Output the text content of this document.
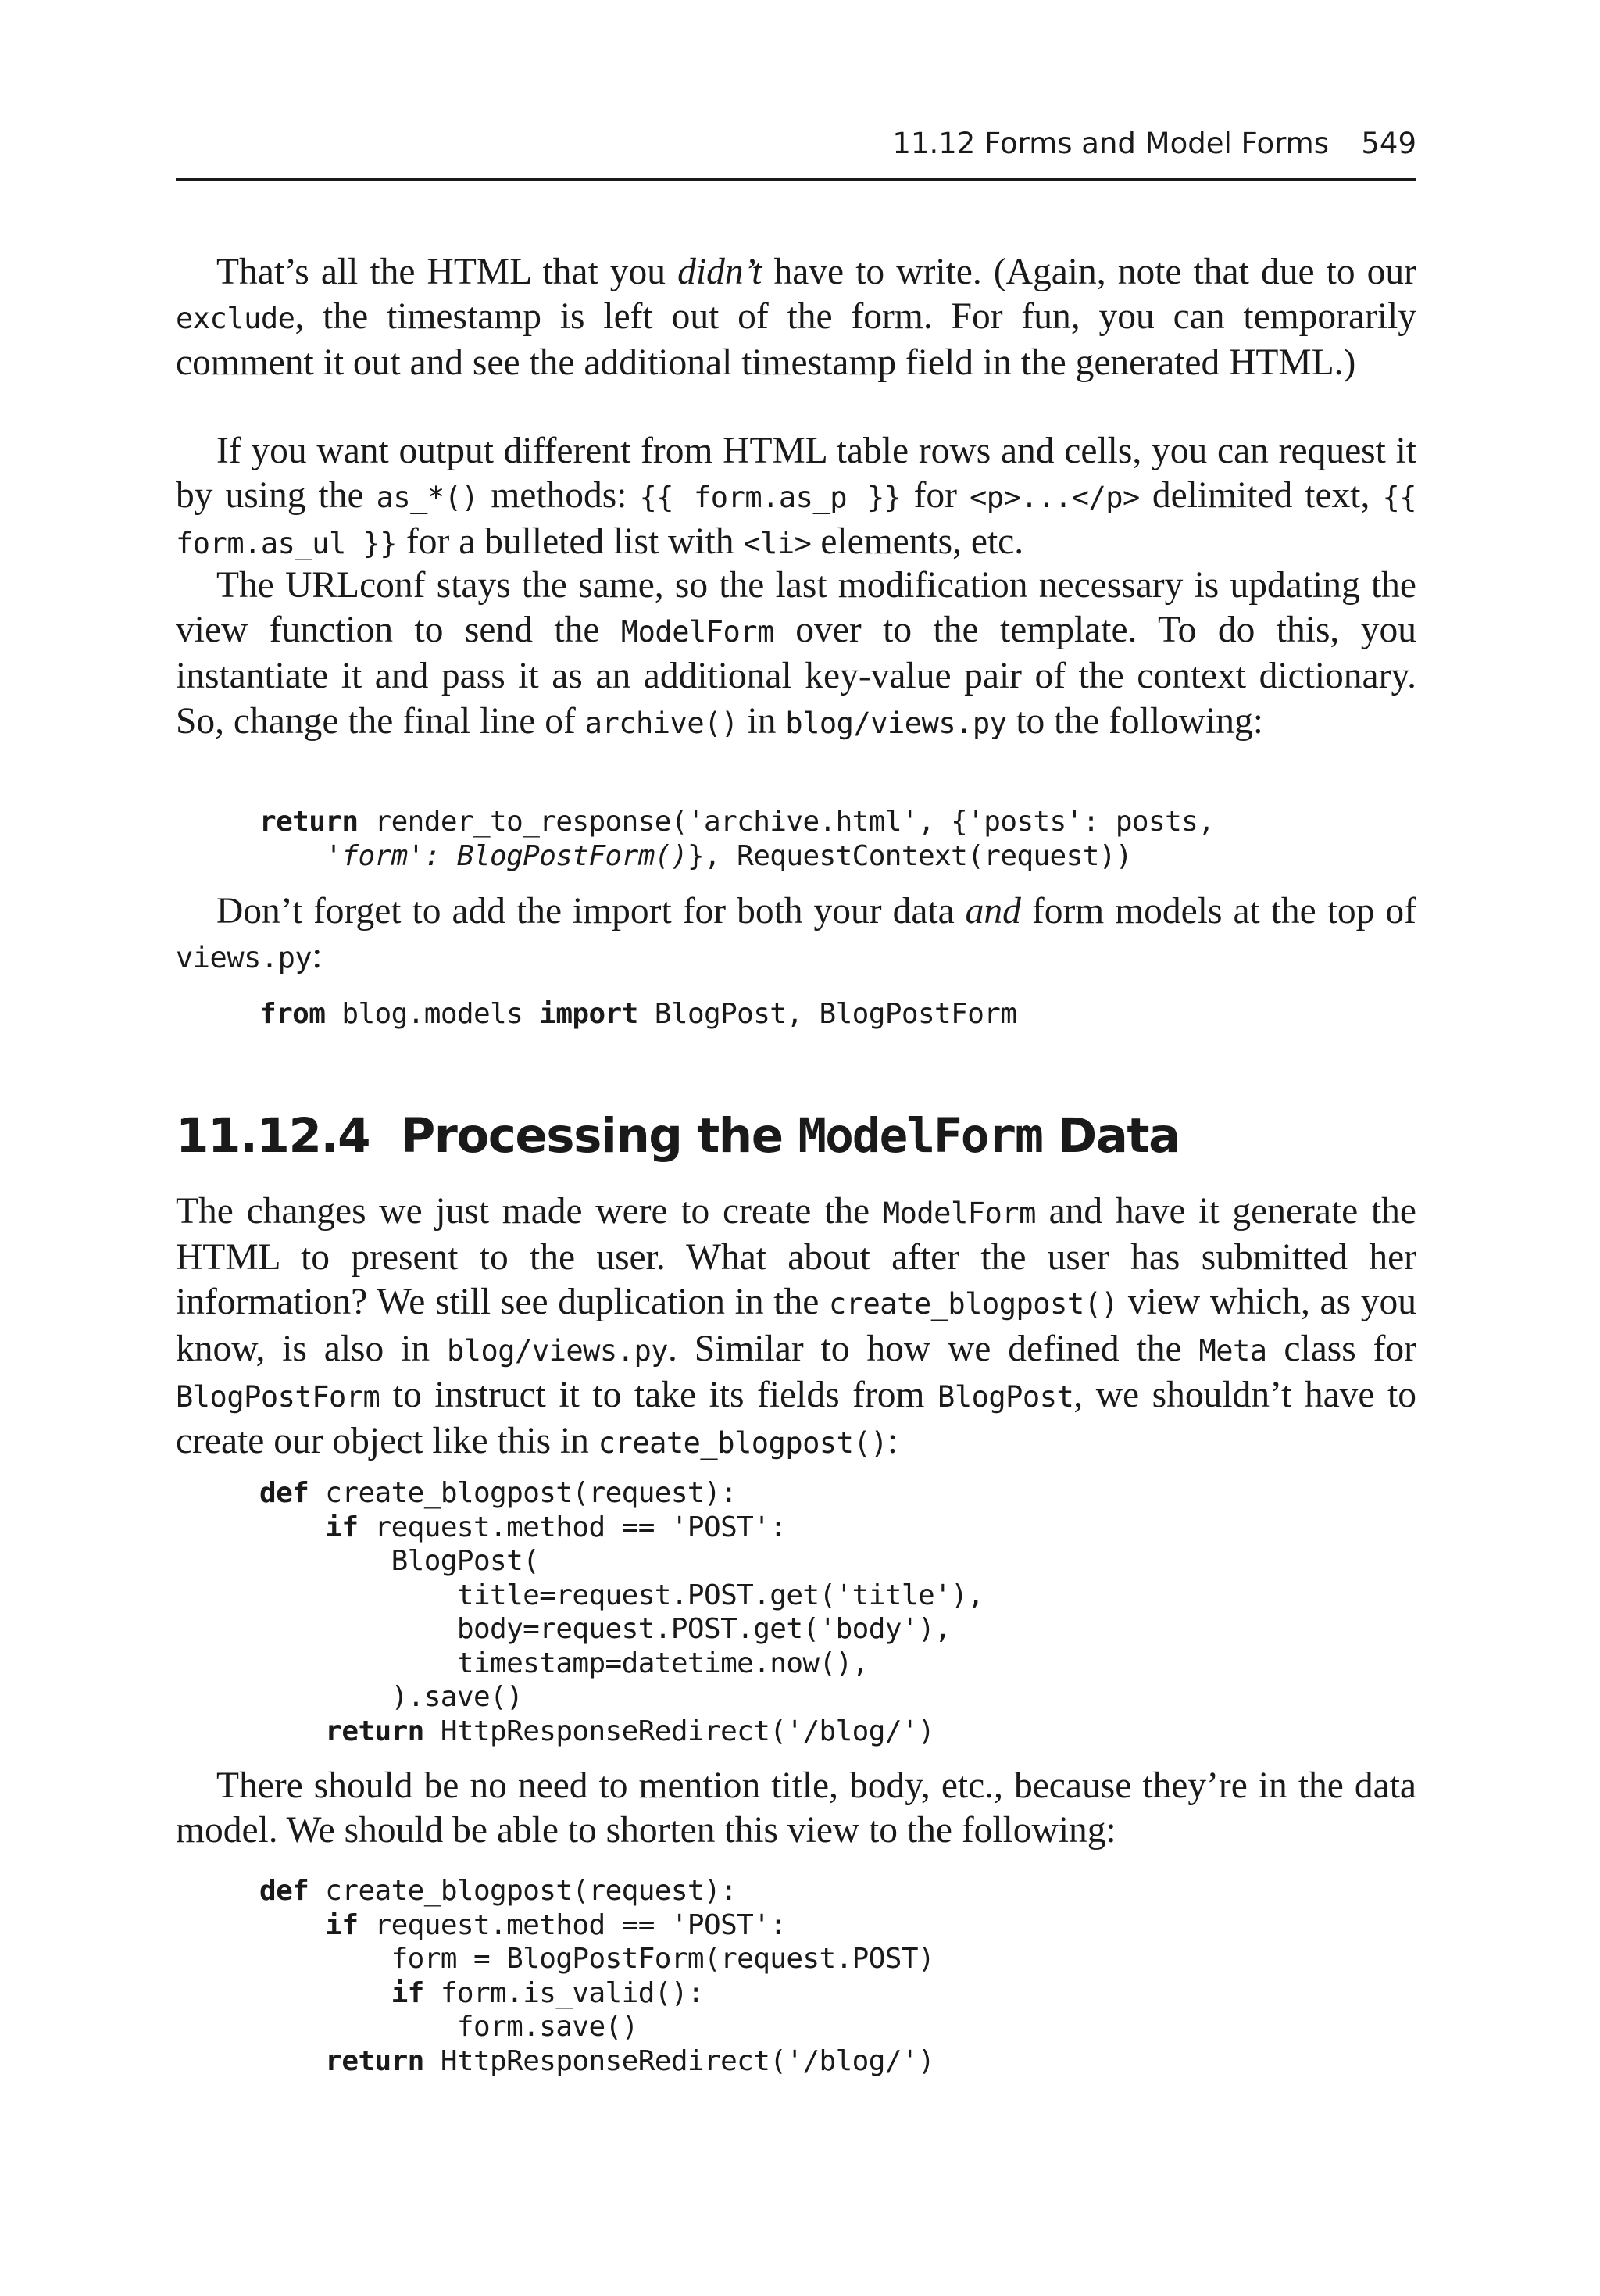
11.12 Forms and Model Forms 549

That’s all the HTML that you didn’t have to write. (Again, note that due to our exclude, the timestamp is left out of the form. For fun, you can temporarily comment it out and see the additional timestamp field in the generated HTML.)

If you want output different from HTML table rows and cells, you can request it by using the as_*() methods: {{ form.as_p }} for <p>...</p> delimited text, {{ form.as_ul }} for a bulleted list with <li> elements, etc.

The URLconf stays the same, so the last modification necessary is updating the view function to send the ModelForm over to the template. To do this, you instantiate it and pass it as an additional key-value pair of the context dictionary. So, change the final line of archive() in blog/views.py to the following:

return render_to_response('archive.html', {'posts': posts,
'form': BlogPostForm()}, RequestContext(request))

Don’t forget to add the import for both your data and form models at the top of views.py:

from blog.models import BlogPost, BlogPostForm
11.12.4 Processing the ModelForm Data

The changes we just made were to create the ModelForm and have it generate the HTML to present to the user. What about after the user has submitted her information? We still see duplication in the create_blogpost() view which, as you know, is also in blog/views.py. Similar to how we defined the Meta class for BlogPostForm to instruct it to take its fields from BlogPost, we shouldn’t have to create our object like this in create_blogpost():

def create_blogpost(request):
if request.method == 'POST':
BlogPost(
title=request.POST.get('title'),
body=request.POST.get('body'),
timestamp=datetime.now(),
).save()
return HttpResponseRedirect('/blog/')

There should be no need to mention title, body, etc., because they’re in the data model. We should be able to shorten this view to the following:

def create_blogpost(request):
if request.method == 'POST':
form = BlogPostForm(request.POST)
if form.is_valid():
form.save()
return HttpResponseRedirect('/blog/')
